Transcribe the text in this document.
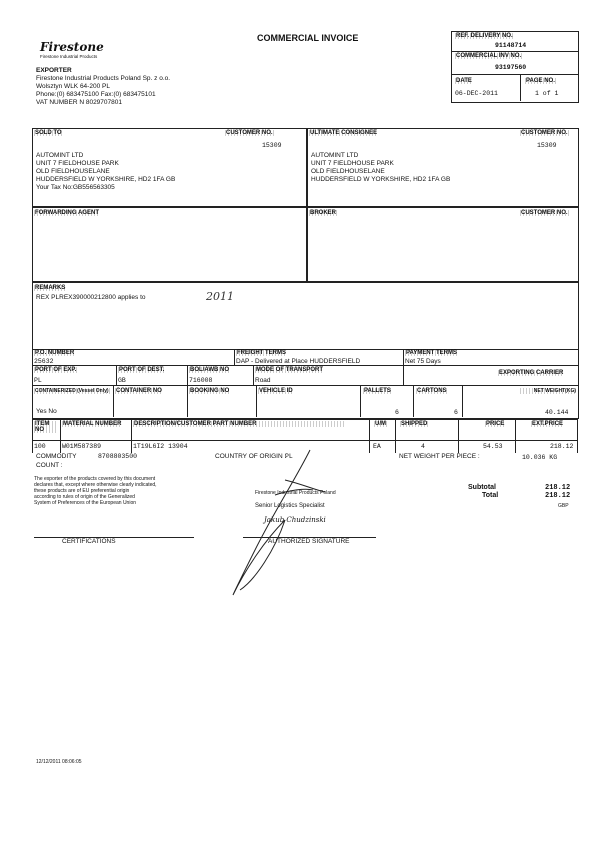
Firestone
Firestone Industrial Products
COMMERCIAL INVOICE	REF. DELIVERY NO.
91148714
COMMERCIAL INV NO.
93197560
DATE	PAGE NO.
06-DEC-2011	1 of 1
EXPORTER
Firestone Industrial Products Poland Sp. z o.o.
Wolsztyn WLK 64-200 PL
Phone:(0) 683475100 Fax:(0) 683475101
VAT NUMBER N 8029707801
SOLD TO	CUSTOMER NO.
15309
AUTOMINT LTD
UNIT 7 FIELDHOUSE PARK
OLD FIELDHOUSELANE
HUDDERSFIELD W YORKSHIRE, HD2 1FA GB
Your Tax No:GB556563305
ULTIMATE CONSIGNEE	CUSTOMER NO.
15309
AUTOMINT LTD
UNIT 7 FIELDHOUSE PARK
OLD FIELDHOUSELANE
HUDDERSFIELD W YORKSHIRE, HD2 1FA GB
FORWARDING AGENT	BROKER	CUSTOMER NO.
REMARKS
REX PLREX390000212800 applies to	2011
P.O. NUMBER
25632
FREIGHT TERMS
DAP - Delivered at Place HUDDERSFIELD
PAYMENT TERMS
Net 75 Days
PORT OF EXP.
PL
PORT OF DEST.
GB
BOL/AWB NO
716008
MODE OF TRANSPORT
Road
EXPORTING CARRIER
CONTAINERIZED (Vessel Only)
Yes No
CONTAINER NO	BOOKING NO	VEHICLE ID	PALLETS
6
CARTONS
6
NET WEIGHT(KG)
40.144
ITEM NO
MATERIAL NUMBER DESCRIPTION/CUSTOMER PART NUMBER	U/M	SHIPPED	PRICE	EXT.PRICE
100	W01M587389	1T19L6I2 13904	EA	4	54.53	218.12
COMMODITY	8708803500	COUNTRY OF ORIGIN :
PL	NET WEIGHT PER PIECE :	10.036 KG
COUNT :
The exporter of the products covered by this document
declares that, except where otherwise clearly indicated,
these products are of EU preferential origin
according to rules of origin of the Generalized
System of Preferences of the European Union
CERTIFICATIONS
Firestone Industrial Products Poland
Senior Logistics Specialist
Jakub Chudzinski
AUTHORIZED SIGNATURE
Subtotal	218.12
Total	218.12
GBP
12/12/2011 08:06:05
